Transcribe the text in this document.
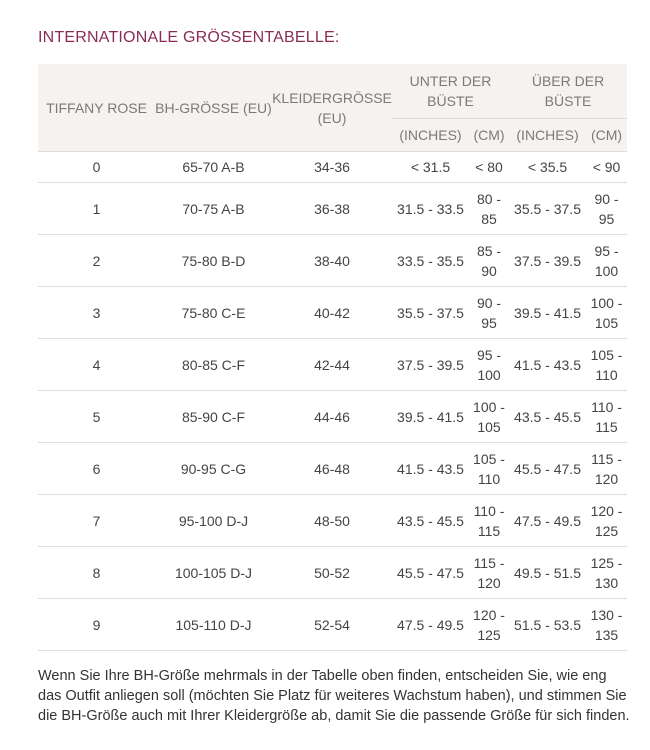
INTERNATIONALE GRÖSSENTABELLE:
TIFFANY ROSE	BH-GRÖSSE (EU)	KLEIDERGRÖSSE (EU)	UNTER DER BÜSTE		ÜBER DER BÜSTE	
			(INCHES)	(CM)	(INCHES)	(CM)
0	65-70 A-B	34-36	< 31.5	< 80	< 35.5	< 90
1	70-75 A-B	36-38	31.5 - 33.5	80 - 85	35.5 - 37.5	90 - 95
2	75-80 B-D	38-40	33.5 - 35.5	85 - 90	37.5 - 39.5	95 - 100
3	75-80 C-E	40-42	35.5 - 37.5	90 - 95	39.5 - 41.5	100 - 105
4	80-85 C-F	42-44	37.5 - 39.5	95 - 100	41.5 - 43.5	105 - 110
5	85-90 C-F	44-46	39.5 - 41.5	100 - 105	43.5 - 45.5	110 - 115
6	90-95 C-G	46-48	41.5 - 43.5	105 - 110	45.5 - 47.5	115 - 120
7	95-100 D-J	48-50	43.5 - 45.5	110 - 115	47.5 - 49.5	120 - 125
8	100-105 D-J	50-52	45.5 - 47.5	115 - 120	49.5 - 51.5	125 - 130
9	105-110 D-J	52-54	47.5 - 49.5	120 - 125	51.5 - 53.5	130 - 135

Wenn Sie Ihre BH-Größe mehrmals in der Tabelle oben finden, entscheiden Sie, wie eng das Outfit anliegen soll (möchten Sie Platz für weiteres Wachstum haben), und stimmen Sie die BH-Größe auch mit Ihrer Kleidergröße ab, damit Sie die passende Größe für sich finden.
